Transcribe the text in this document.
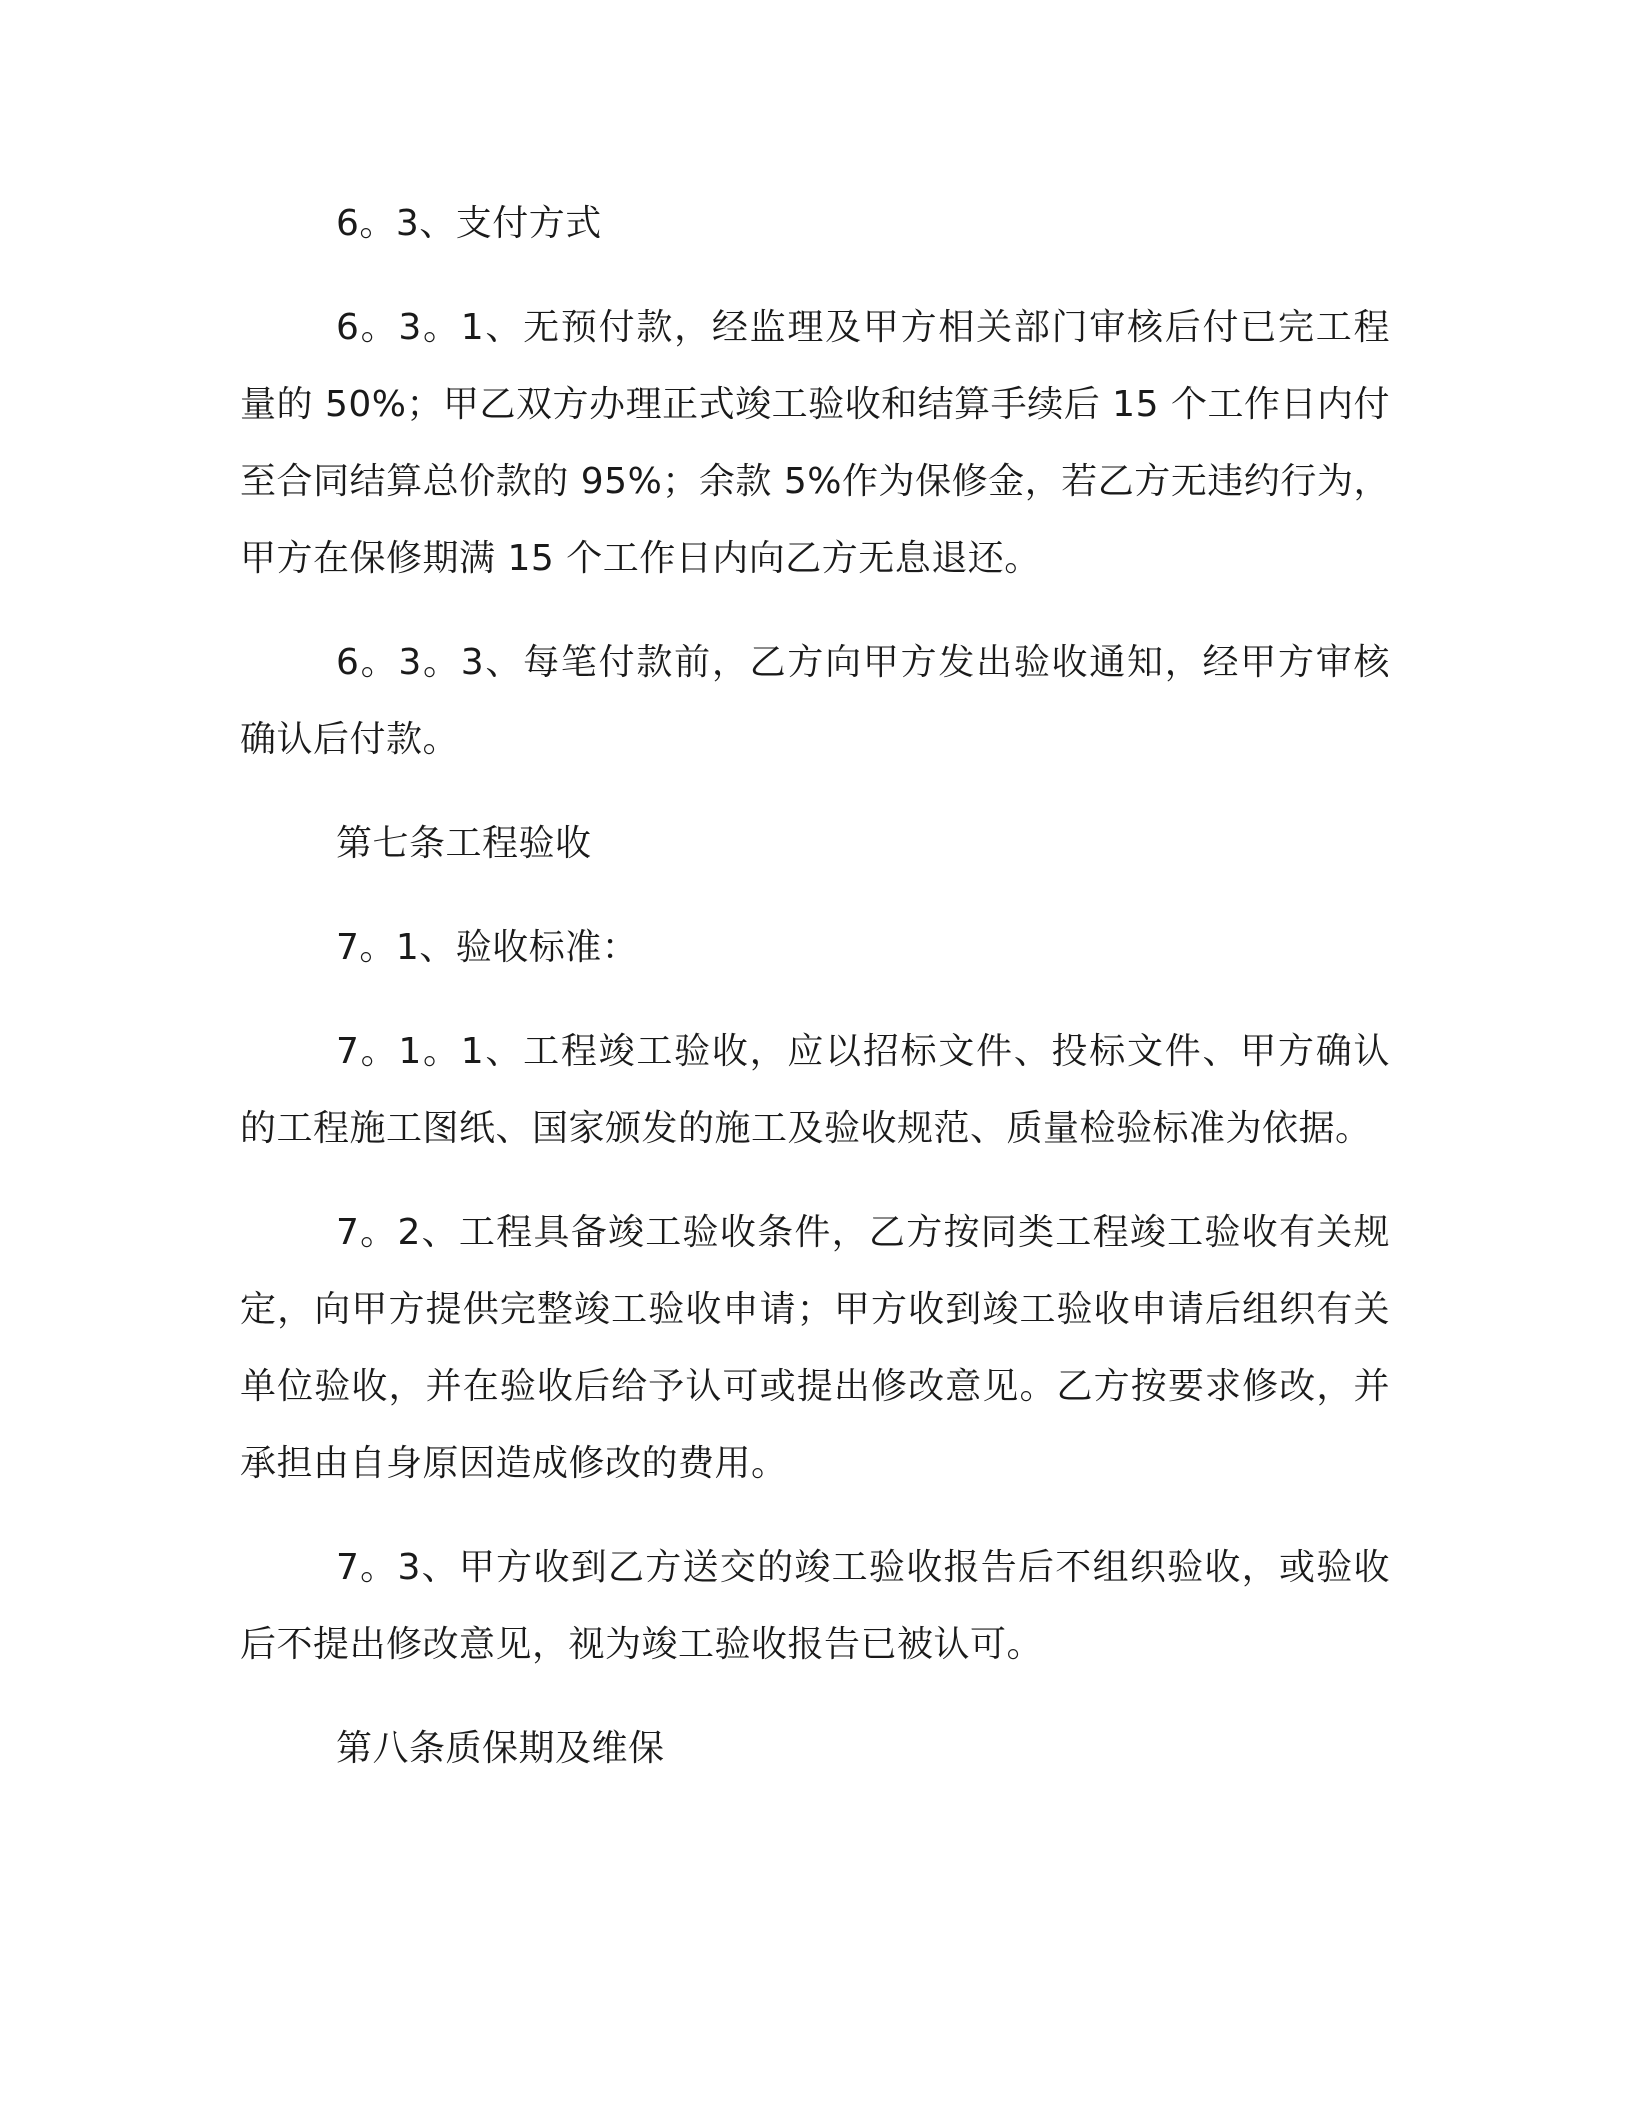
6。3、支付方式

6。3。1、无预付款，经监理及甲方相关部门审核后付已完工程量的 50%；甲乙双方办理正式竣工验收和结算手续后 15 个工作日内付至合同结算总价款的 95%；余款 5%作为保修金，若乙方无违约行为，甲方在保修期满 15 个工作日内向乙方无息退还。

6。3。3、每笔付款前，乙方向甲方发出验收通知，经甲方审核确认后付款。

第七条工程验收

7。1、验收标准：

7。1。1、工程竣工验收，应以招标文件、投标文件、甲方确认的工程施工图纸、国家颁发的施工及验收规范、质量检验标准为依据。

7。2、工程具备竣工验收条件，乙方按同类工程竣工验收有关规定，向甲方提供完整竣工验收申请；甲方收到竣工验收申请后组织有关单位验收，并在验收后给予认可或提出修改意见。乙方按要求修改，并承担由自身原因造成修改的费用。

7。3、甲方收到乙方送交的竣工验收报告后不组织验收，或验收后不提出修改意见，视为竣工验收报告已被认可。

第八条质保期及维保
